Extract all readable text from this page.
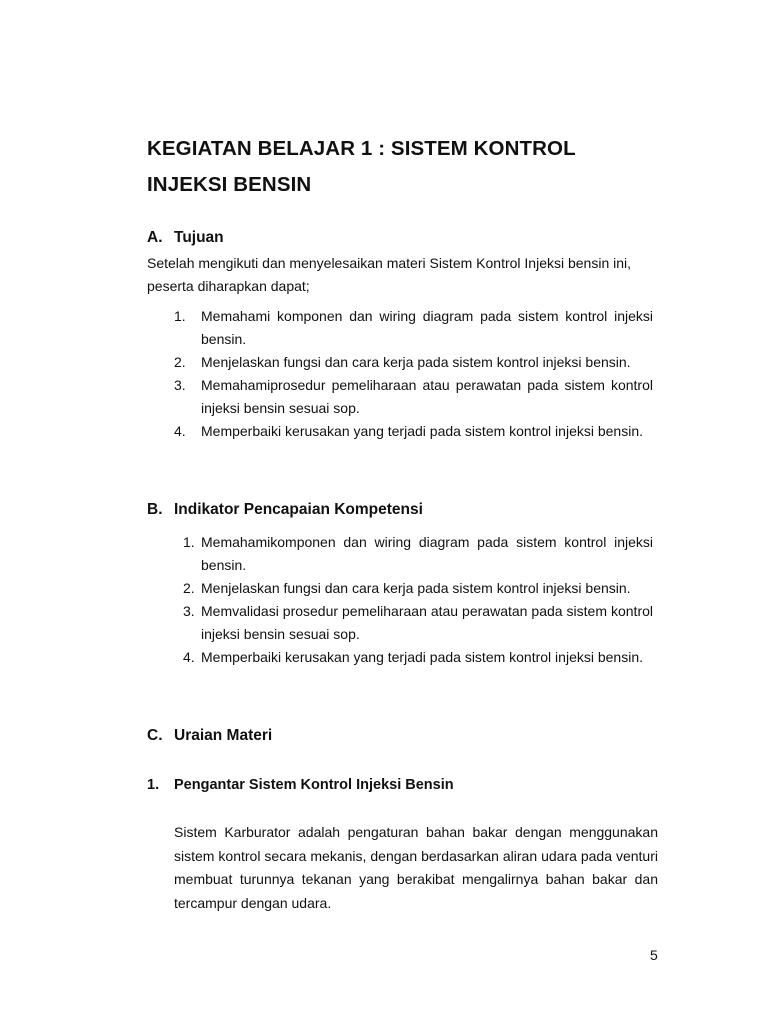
KEGIATAN BELAJAR 1 : SISTEM KONTROL
INJEKSI BENSIN
A. Tujuan
Setelah mengikuti dan menyelesaikan materi Sistem Kontrol Injeksi bensin ini, peserta diharapkan dapat;
1. Memahami komponen dan wiring diagram pada sistem kontrol injeksi bensin.
2. Menjelaskan fungsi dan cara kerja pada sistem kontrol injeksi bensin.
3. Memahamiprosedur pemeliharaan atau perawatan pada sistem kontrol injeksi bensin sesuai sop.
4. Memperbaiki kerusakan yang terjadi pada sistem kontrol injeksi bensin.
B. Indikator Pencapaian Kompetensi
1. Memahamikomponen dan wiring diagram pada sistem kontrol injeksi bensin.
2. Menjelaskan fungsi dan cara kerja pada sistem kontrol injeksi bensin.
3. Memvalidasi prosedur pemeliharaan atau perawatan pada sistem kontrol injeksi bensin sesuai sop.
4. Memperbaiki kerusakan yang terjadi pada sistem kontrol injeksi bensin.
C. Uraian Materi
1. Pengantar Sistem Kontrol Injeksi Bensin
Sistem Karburator adalah pengaturan bahan bakar dengan menggunakan sistem kontrol secara mekanis, dengan berdasarkan aliran udara pada venturi membuat turunnya tekanan yang berakibat mengalirnya bahan bakar dan tercampur dengan udara.
5
